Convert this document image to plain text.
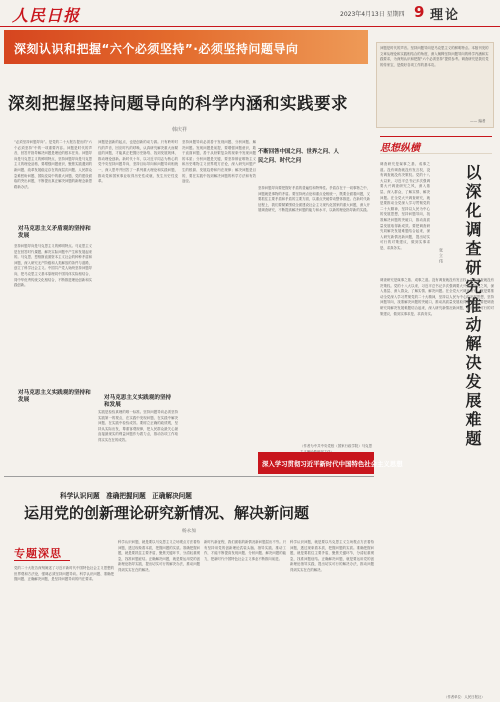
人民日报	2023年4月13日 星期四 9 理论
深刻认识和把握“六个必须坚持”·必须坚持问题导向
深刻把握坚持问题导向的科学内涵和实践要求
韩庆祥
“必须坚持问题导向”。是党的二十大报告提出的“六个必须坚持”中的一项重要内容。问题是时代的声音，回答并指导解决问题是理论的根本任务。问题导向是马克思主义的鲜明特点，坚持问题导向是马克思主义的理论品格，要增强问题意识，聚焦实践遇到的新问题、改革发展稳定存在的深层次问题、人民群众急难愁盼问题、国际变局中的重大问题、党的建设面临的突出问题，不断提出真正解决问题的新理念新思路新办法。
对马克思主义矛盾观的坚持和发展
坚持问题导向是马克思主义的鲜明特点。马克思主义是在回答时代课题、解决实际问题中产生和发展起来的。马克思、恩格斯直面资本主义社会的种种矛盾和问题，深入研究无产阶级和人类解放的条件与道路，创立了科学社会主义。中国共产党人始终坚持问题导向，把马克思主义基本原理同中国具体实际相结合、同中华优秀传统文化相结合，不断推进理论创新和实践创新。
对马克思主义实践观的坚持和发展
问题是创新的起点，也是创新的动力源。只有聆听时代的声音，回应时代的呼唤，认真研究解决重大而紧迫的问题，才能真正把握历史脉络、找到发展规律，推动理论创新。新时代十年，以习近平同志为核心的党中央坚持问题导向，坚持目标导向和问题导向相统一，深入思考并回答了一系列重大理论和实践问题，推动党和国家事业取得历史性成就、发生历史性变革。
对马克思主义实践观的坚持和发展
实践是检验真理的唯一标准。坚持问题导向必须坚持实践第一的观点，在实践中发现问题、在实践中解决问题、在实践中检验成效。要树立正确的政绩观，坚持从实际出发，尊重客观规律，把人民群众最关心最直接最现实的利益问题作为着力点，推动各项工作取得实实在在的成效。
坚持问题导向必须善于发现问题、分析问题、解决问题。发现问题是前提，要增强问题意识，敢于直面问题，善于从纷繁复杂的现象中发现问题的本质；分析问题是关键，要坚持辩证唯物主义和历史唯物主义世界观方法论，深入研究问题产生的根源、发展趋势和内在规律；解决问题是目的，要在实践中找到解决问题的科学方法和有效途径。
不断回答中国之问、世界之问、人民之问、时代之问
坚持问题导向要把握好矛盾的普遍性和特殊性。矛盾存在于一切事物之中，问题就是事物的矛盾。要坚持两点论和重点论相统一，既要全面看问题，又要抓住主要矛盾和矛盾的主要方面，以重点突破带动整体推进。在新时代新征程上，我们要紧紧围绕全面建设社会主义现代化国家的重大问题，深入开展调查研究，不断提高解决问题的能力和水平，以新的理论指导新的实践。
（作者为中共中央党校（国家行政学院）马克思
问题是时代的声音。坚持问题导向是马克思主义的鲜明特点。本版刊发的文章从理论和实践相结合的角度，深入阐释坚持问题导向的科学内涵和实践要求，为深刻认识和把握“六个必须坚持”提供参考。调查研究是我们党的传家宝，是做好各项工作的基本功。
—— 编者
思想纵横
以深化调查研究推动解决发展难题
张 立 伟
调查研究是谋事之基、成事之道。没有调查就没有发言权，没有调查就没有决策权。党的十八大以来，习近平总书记多次强调要大兴调查研究之风，深入基层、深入群众，了解实情、解决问题。在全党大兴调查研究，就是要推动全党深入学习贯彻党的二十大精神，坚持以人民为中心的发展思想，坚持问题导向，找准解决问题的突破口，推动高质量发展取得新成效。要把调查研究同解决发展难题结合起来，深入研究新情况新问题，提出切实可行的对策建议，做到实事求是、求真务实。
调查研究是谋事之基、成事之道。没有调查就没有发言权，没有调查就没有决策权。党的十八大以来，习近平总书记多次强调要大兴调查研究之风，深入基层、深入群众，了解实情、解决问题。在全党大兴调查研究，就是要推动全党深入学习贯彻党的二十大精神，坚持以人民为中心的发展思想，坚持问题导向，找准解决问题的突破口，推动高质量发展取得新成效。要把调查研究同解决发展难题结合起来，深入研究新情况新问题，提出切实可行的对策建议，做到实事求是、求真务实。
（作者单位：人民日报社）
深入学习贯彻习近平新时代中国特色社会主义思想
科学认识问题　准确把握问题　正确解决问题
运用党的创新理论研究新情况、解决新问题
杨永加
专题深思
党的二十大报告深刻阐述了习近平新时代中国特色社会主义思想的世界观和方法论，强调必须坚持问题导向。科学认识问题、准确把握问题、正确解决问题，是坚持问题导向的内在要求。
科学认识问题，就是要以马克思主义立场观点方法看待问题，透过现象看本质，把握问题的实质。准确把握问题，就是要抓住主要矛盾，聚焦关键环节，分清轻重缓急，找准问题症结。正确解决问题，就是要运用党的创新理论指导实践，提出切实可行的解决办法，推动问题得到实实在在的解决。
新时代新征程，我们面临的新情况新问题层出不穷。只有坚持用党的创新理论武装头脑、指导实践、推动工作，才能不断提高发现问题、分析问题、解决问题的能力，把新时代中国特色社会主义事业不断推向前进。
科学认识问题，就是要以马克思主义立场观点方法看待问题，透过现象看本质，把握问题的实质。准确把握问题，就是要抓住主要矛盾，聚焦关键环节，分清轻重缓急，找准问题症结。正确解决问题，就是要运用党的创新理论指导实践，提出切实可行的解决办法，推动问题得到实实在在的解决。
